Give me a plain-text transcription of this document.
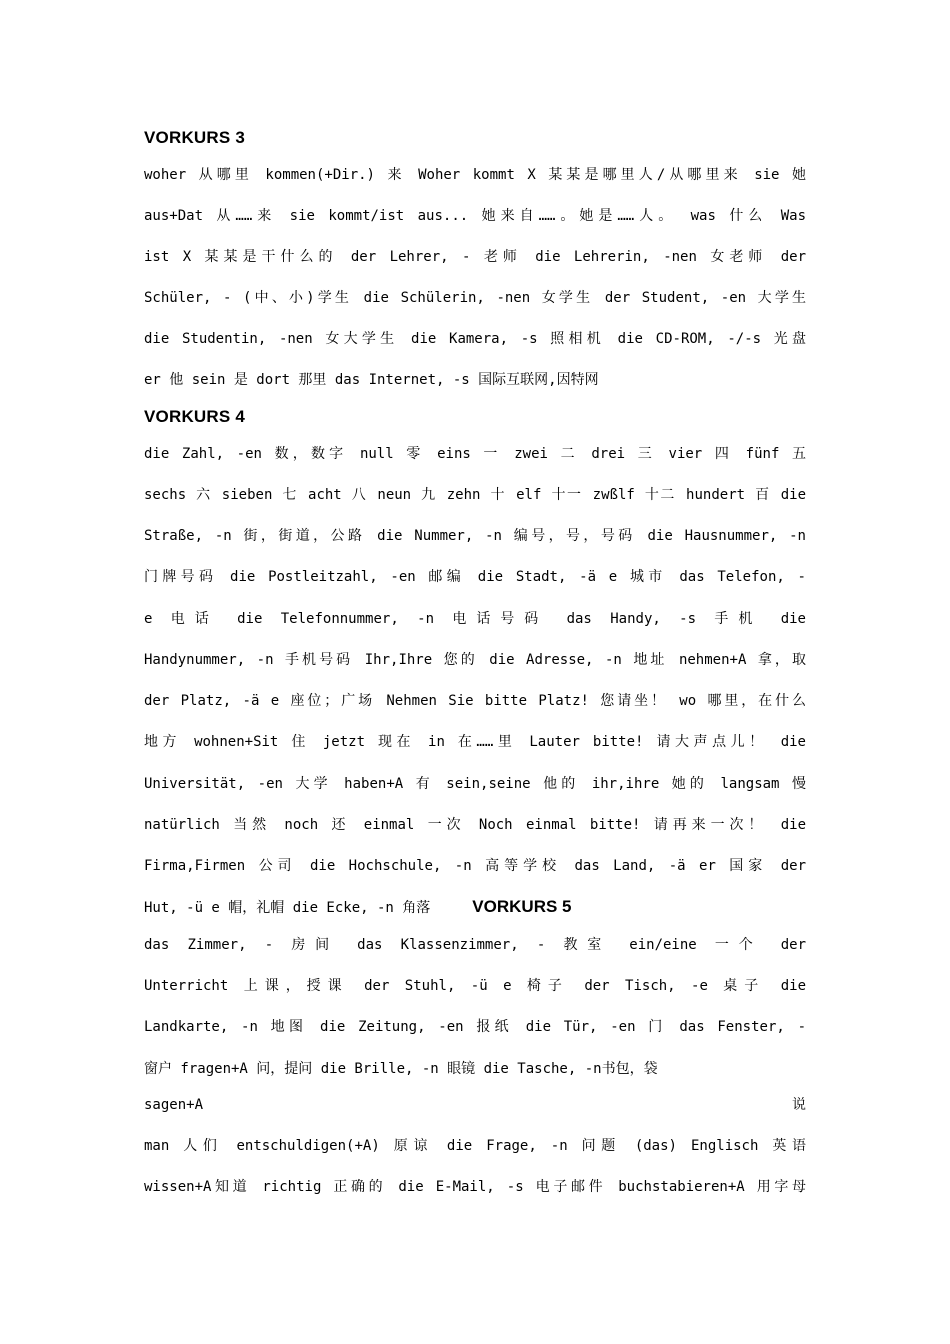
VORKURS 3
woher 从哪里 kommen(+Dir.) 来 Woher kommt X 某某是哪里人/从哪里来 sie 她
aus+Dat 从……来 sie kommt/ist aus... 她来自……。她是……人。 was 什么 Was
ist X 某某是干什么的 der Lehrer, - 老师 die Lehrerin, -nen 女老师 der
Schüler, - (中、小)学生 die Schülerin, -nen 女学生 der Student, -en 大学生
die Studentin, -nen 女大学生 die Kamera, -s 照相机 die CD-ROM, -/-s 光盘
er 他 sein 是 dort 那里 das Internet, -s 国际互联网,因特网
VORKURS 4
die Zahl, -en 数，数字 null 零 eins 一 zwei 二 drei 三 vier 四 fünf 五
sechs 六 sieben 七 acht 八 neun 九 zehn 十 elf 十一 zwßlf 十二 hundert 百 die
Straße, -n 街，街道，公路 die Nummer, -n 编号，号，号码 die Hausnummer, -n
门牌号码 die Postleitzahl, -en 邮编 die Stadt, -ä e 城市 das Telefon, -
e 电话 die Telefonnummer, -n 电话号码 das Handy, -s 手机 die
Handynummer, -n 手机号码 Ihr,Ihre 您的 die Adresse, -n 地址 nehmen+A 拿，取
der Platz, -ä e 座位；广场 Nehmen Sie bitte Platz! 您请坐！ wo 哪里，在什么
地方 wohnen+Sit 住 jetzt 现在 in 在……里 Lauter bitte! 请大声点儿！ die
Universität, -en 大学 haben+A 有 sein,seine 他的 ihr,ihre 她的 langsam 慢
natürlich 当然 noch 还 einmal 一次 Noch einmal bitte! 请再来一次！ die
Firma,Firmen 公司 die Hochschule, -n 高等学校 das Land, -ä er 国家 der
Hut, -ü e 帽，礼帽 die Ecke, -n 角落 VORKURS 5
das Zimmer, - 房间 das Klassenzimmer, - 教室 ein/eine 一个 der
Unterricht 上课，授课 der Stuhl, -ü e 椅子 der Tisch, -e 桌子 die
Landkarte, -n 地图 die Zeitung, -en 报纸 die Tür, -en 门 das Fenster, -
窗户 fragen+A 问，提问 die Brille, -n 眼镜 die Tasche, -n书包，袋
sagen+A 说
man 人们 entschuldigen(+A) 原谅 die Frage, -n 问题 (das) Englisch 英语
wissen+A知道 richtig 正确的 die E-Mail, -s 电子邮件 buchstabieren+A 用字母
